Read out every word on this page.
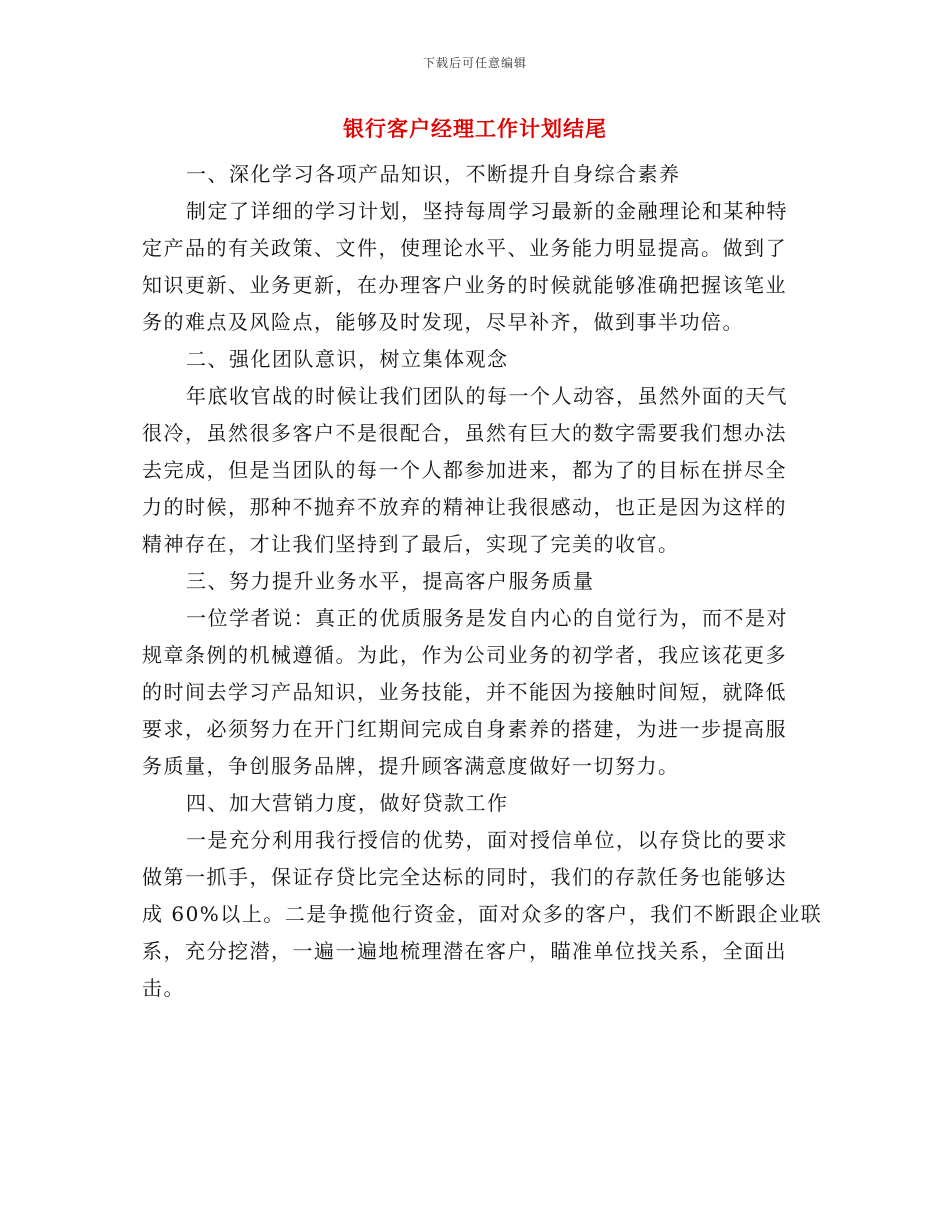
下载后可任意编辑
银行客户经理工作计划结尾
一、深化学习各项产品知识，不断提升自身综合素养
制定了详细的学习计划，坚持每周学习最新的金融理论和某种特
定产品的有关政策、文件，使理论水平、业务能力明显提高。做到了
知识更新、业务更新，在办理客户业务的时候就能够准确把握该笔业
务的难点及风险点，能够及时发现，尽早补齐，做到事半功倍。
二、强化团队意识，树立集体观念
年底收官战的时候让我们团队的每一个人动容，虽然外面的天气
很冷，虽然很多客户不是很配合，虽然有巨大的数字需要我们想办法
去完成，但是当团队的每一个人都参加进来，都为了的目标在拼尽全
力的时候，那种不抛弃不放弃的精神让我很感动，也正是因为这样的
精神存在，才让我们坚持到了最后，实现了完美的收官。
三、努力提升业务水平，提高客户服务质量
一位学者说：真正的优质服务是发自内心的自觉行为，而不是对
规章条例的机械遵循。为此，作为公司业务的初学者，我应该花更多
的时间去学习产品知识，业务技能，并不能因为接触时间短，就降低
要求，必须努力在开门红期间完成自身素养的搭建，为进一步提高服
务质量，争创服务品牌，提升顾客满意度做好一切努力。
四、加大营销力度，做好贷款工作
一是充分利用我行授信的优势，面对授信单位，以存贷比的要求
做第一抓手，保证存贷比完全达标的同时，我们的存款任务也能够达
成 60%以上。二是争揽他行资金，面对众多的客户，我们不断跟企业联
系，充分挖潜，一遍一遍地梳理潜在客户，瞄准单位找关系，全面出
击。
